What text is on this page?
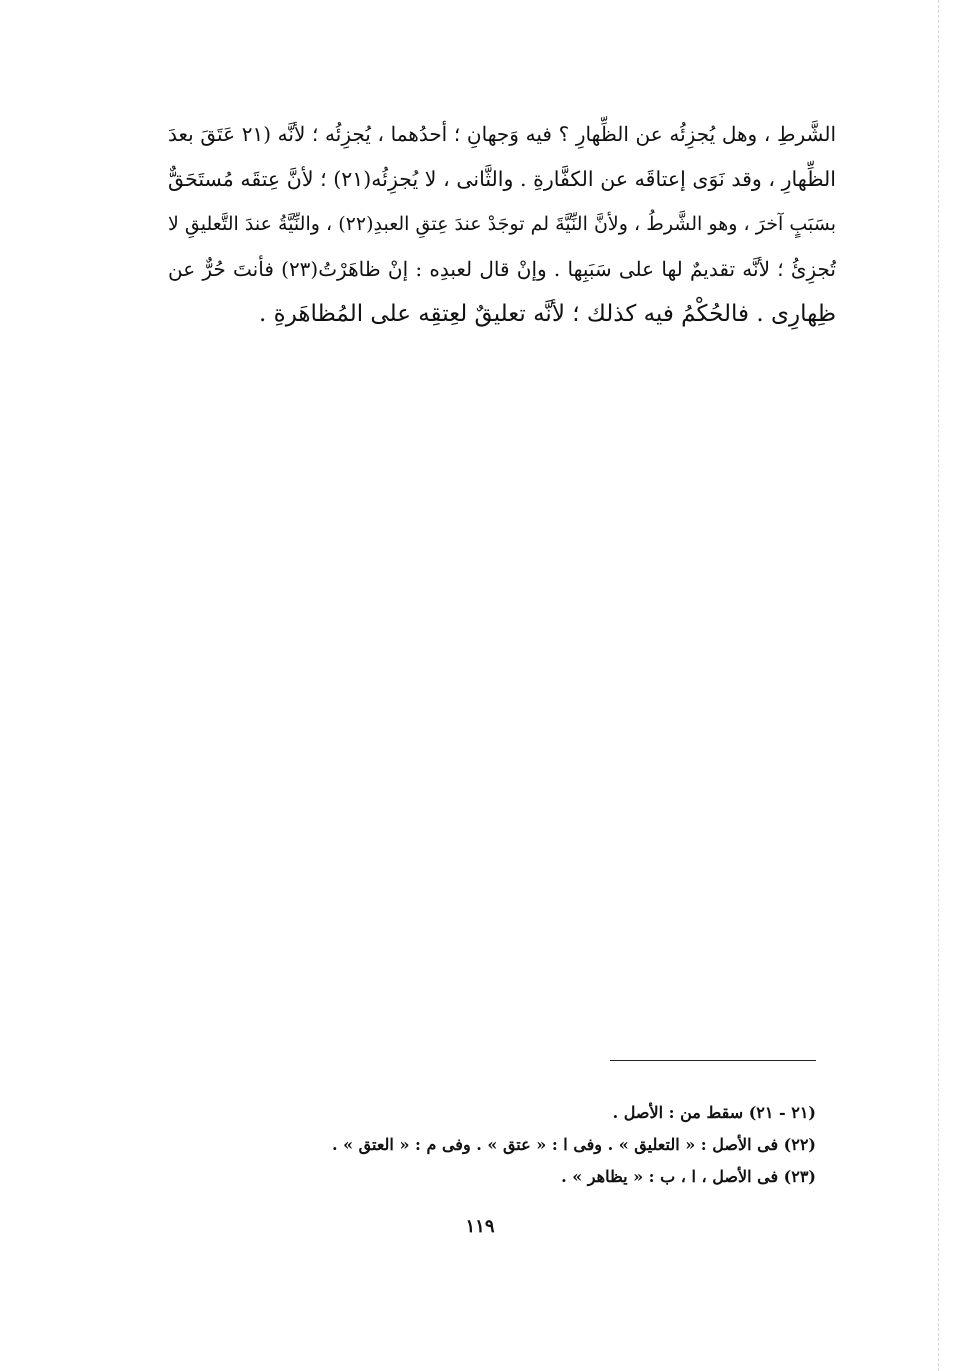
الشَّرطِ ، وهل يُجزِئُه عن الظِّهارِ ؟ فيه وَجهانِ ؛ أحدُهما ، يُجزِئُه ؛ لأنَّه (٢١ عَتَقَ بعدَ
الظِّهارِ ، وقد نَوَى إعتاقَه عن الكفَّارةِ . والثَّانى ، لا يُجزِئُه(٢١) ؛ لأنَّ عِتقَه مُستَحَقٌّ
بسَبَبٍ آخرَ ، وهو الشَّرطُ ، ولأنَّ النِّيَّةَ لم توجَدْ عندَ عِتقِ العبدِ(٢٢) ، والنِّيَّةُ عندَ التَّعليقِ لا
تُجزِئُ ؛ لأنَّه تقديمٌ لها على سَبَبِها . وإنْ قال لعبدِه : إنْ ظاهَرْتُ(٢٣) فأنتَ حُرٌّ عن
ظِهارِى . فالحُكْمُ فيه كذلك ؛ لأنَّه تعليقٌ لعِتقِه على المُظاهَرةِ .
(٢١ - ٢١) سقط من : الأصل .
(٢٢) فى الأصل : « التعليق » . وفى ا : « عتق » . وفى م : « العتق » .
(٢٣) فى الأصل ، ا ، ب : « يظاهر » .
١١٩
